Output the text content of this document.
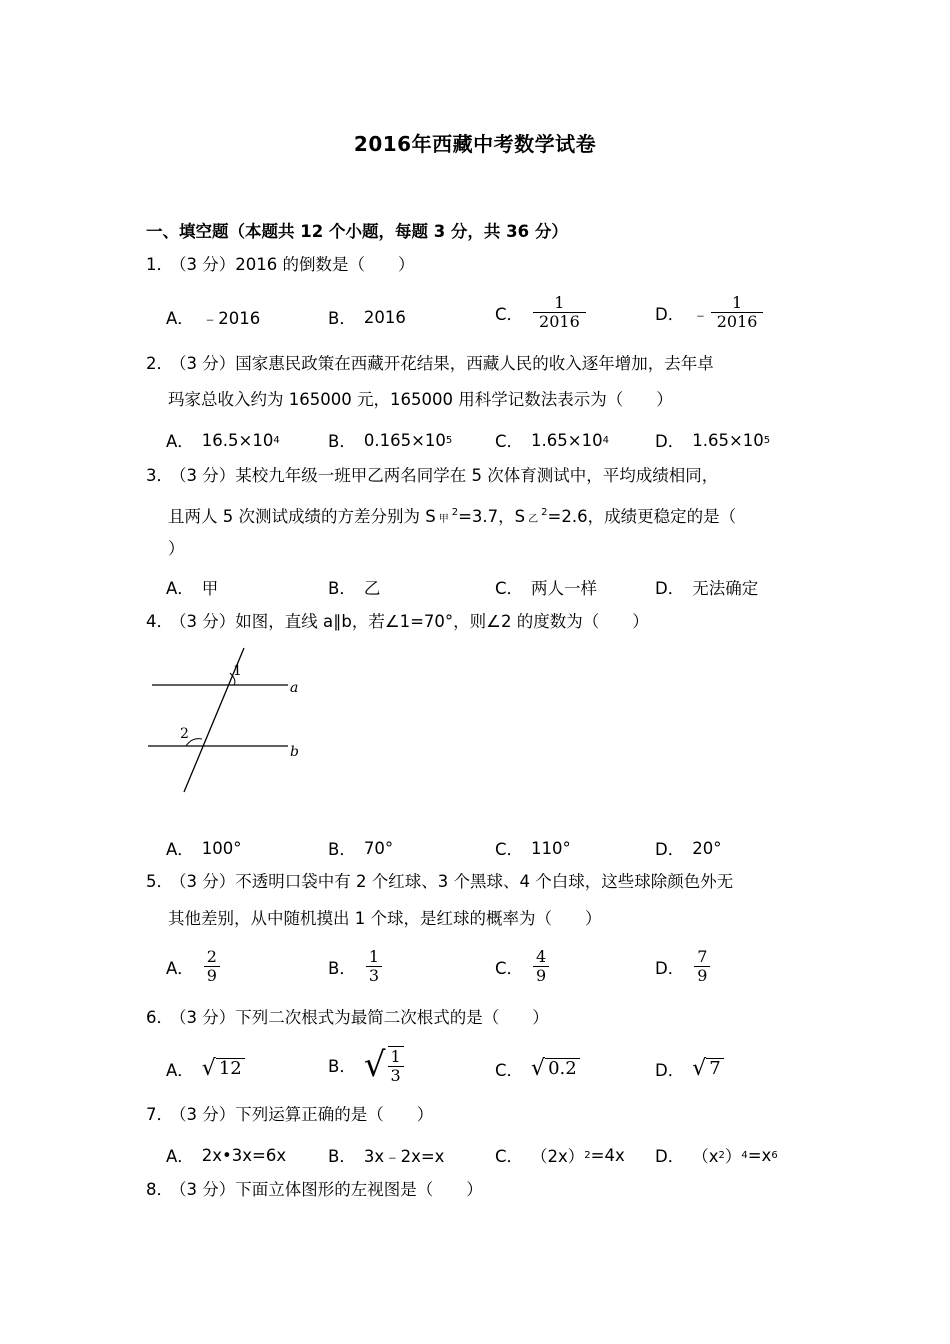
2016年西藏中考数学试卷
一、填空题（本题共 12 个小题，每题 3 分，共 36 分）
1．（3 分）2016 的倒数是（　　）
A． ﹣2016	B． 2016	C． $\frac{1}{2016}$	D． ﹣ $\frac{1}{2016}$
2．（3 分）国家惠民政策在西藏开花结果，西藏人民的收入逐年增加，去年卓
玛家总收入约为 165000 元，165000 用科学记数法表示为（　　）
A． 16.5×10 4	B． 0.165×10 5	C． 1.65×10 4	D． 1.65×10 5
3．（3 分）某校九年级一班甲乙两名同学在 5 次体育测试中，平均成绩相同，
且两人 5 次测试成绩的方差分别为 S 甲$^2$=3.7，S 乙$^2$=2.6，成绩更稳定的是（
）
A． 甲	B． 乙	C． 两人一样	D． 无法确定
4．（3 分）如图，直线 a∥b，若∠1=70°，则∠2 的度数为（　　）
1
2
a
b
A． 100°	B． 70°	C． 110°	D． 20°
5．（3 分）不透明口袋中有 2 个红球、3 个黑球、4 个白球，这些球除颜色外无
其他差别，从中随机摸出 1 个球，是红球的概率为（　　）
A． $\frac{2}{9}$	B． $\frac{1}{3}$	C． $\frac{4}{9}$	D． $\frac{7}{9}$
6．（3 分）下列二次根式为最简二次根式的是（　　）
A． √ 12	B． √ $\frac{1}{3}$	C． √ 0.2	D． √ 7
7．（3 分）下列运算正确的是（　　）
A． 2x•3x=6x	B． 3x﹣2x=x	C． （2x） 2 =4x D． （x 2 ） 4 =x 6
8．（3 分）下面立体图形的左视图是（　　）
